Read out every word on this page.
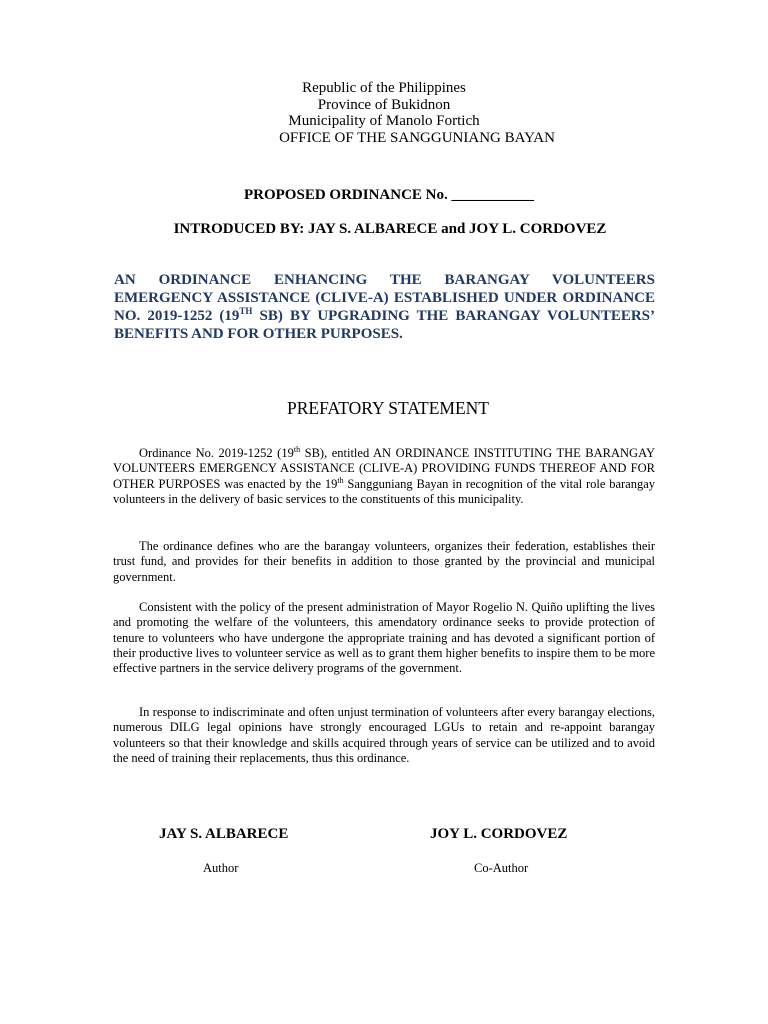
Republic of the Philippines
Province of Bukidnon
Municipality of Manolo Fortich
OFFICE OF THE SANGGUNIANG BAYAN
PROPOSED ORDINANCE No. ___________
INTRODUCED BY: JAY S. ALBARECE and JOY L. CORDOVEZ
AN ORDINANCE ENHANCING THE BARANGAY VOLUNTEERS EMERGENCY ASSISTANCE (CLIVE-A) ESTABLISHED UNDER ORDINANCE NO. 2019-1252 (19TH SB) BY UPGRADING THE BARANGAY VOLUNTEERS’ BENEFITS AND FOR OTHER PURPOSES.
PREFATORY STATEMENT
Ordinance No. 2019-1252 (19th SB), entitled AN ORDINANCE INSTITUTING THE BARANGAY VOLUNTEERS EMERGENCY ASSISTANCE (CLIVE-A) PROVIDING FUNDS THEREOF AND FOR OTHER PURPOSES was enacted by the 19th Sangguniang Bayan in recognition of the vital role barangay volunteers in the delivery of basic services to the constituents of this municipality.
The ordinance defines who are the barangay volunteers, organizes their federation, establishes their trust fund, and provides for their benefits in addition to those granted by the provincial and municipal government.
Consistent with the policy of the present administration of Mayor Rogelio N. Quiño uplifting the lives and promoting the welfare of the volunteers, this amendatory ordinance seeks to provide protection of tenure to volunteers who have undergone the appropriate training and has devoted a significant portion of their productive lives to volunteer service as well as to grant them higher benefits to inspire them to be more effective partners in the service delivery programs of the government.
In response to indiscriminate and often unjust termination of volunteers after every barangay elections, numerous DILG legal opinions have strongly encouraged LGUs to retain and re-appoint barangay volunteers so that their knowledge and skills acquired through years of service can be utilized and to avoid the need of training their replacements, thus this ordinance.
JAY S. ALBARECE	JOY L. CORDOVEZ
Author	Co-Author
